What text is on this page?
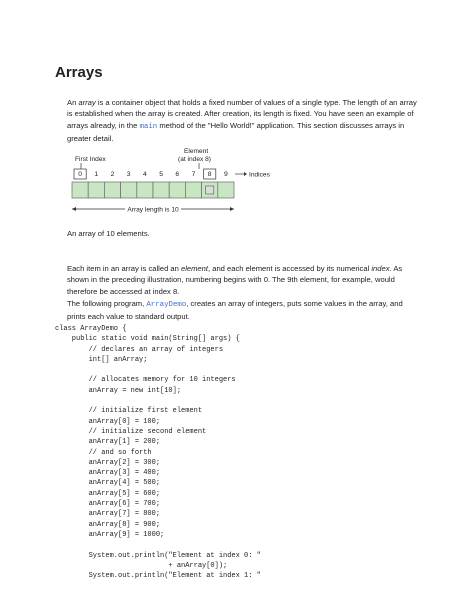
Arrays

An array is a container object that holds a fixed number of values of a single type. The length of an array is established when the array is created. After creation, its length is fixed. You have seen an example of arrays already, in the main method of the "Hello World!" application. This section discusses arrays in greater detail.

First Index
Element
(at index 8)
0 1 2 3 4 5 6 7 8 9	Indices
Array length is 10

An array of 10 elements.

Each item in an array is called an element, and each element is accessed by its numerical index. As shown in the preceding illustration, numbering begins with 0. The 9th element, for example, would therefore be accessed at index 8.

The following program, ArrayDemo, creates an array of integers, puts some values in the array, and prints each value to standard output.

class ArrayDemo {
public static void main(String[] args) {
// declares an array of integers
int[] anArray;

// allocates memory for 10 integers
anArray = new int[10];

// initialize first element
anArray[0] = 100;
// initialize second element
anArray[1] = 200;
// and so forth
anArray[2] = 300;
anArray[3] = 400;
anArray[4] = 500;
anArray[5] = 600;
anArray[6] = 700;
anArray[7] = 800;
anArray[8] = 900;
anArray[9] = 1000;

System.out.println("Element at index 0: "
+ anArray[0]);
System.out.println("Element at index 1: "
